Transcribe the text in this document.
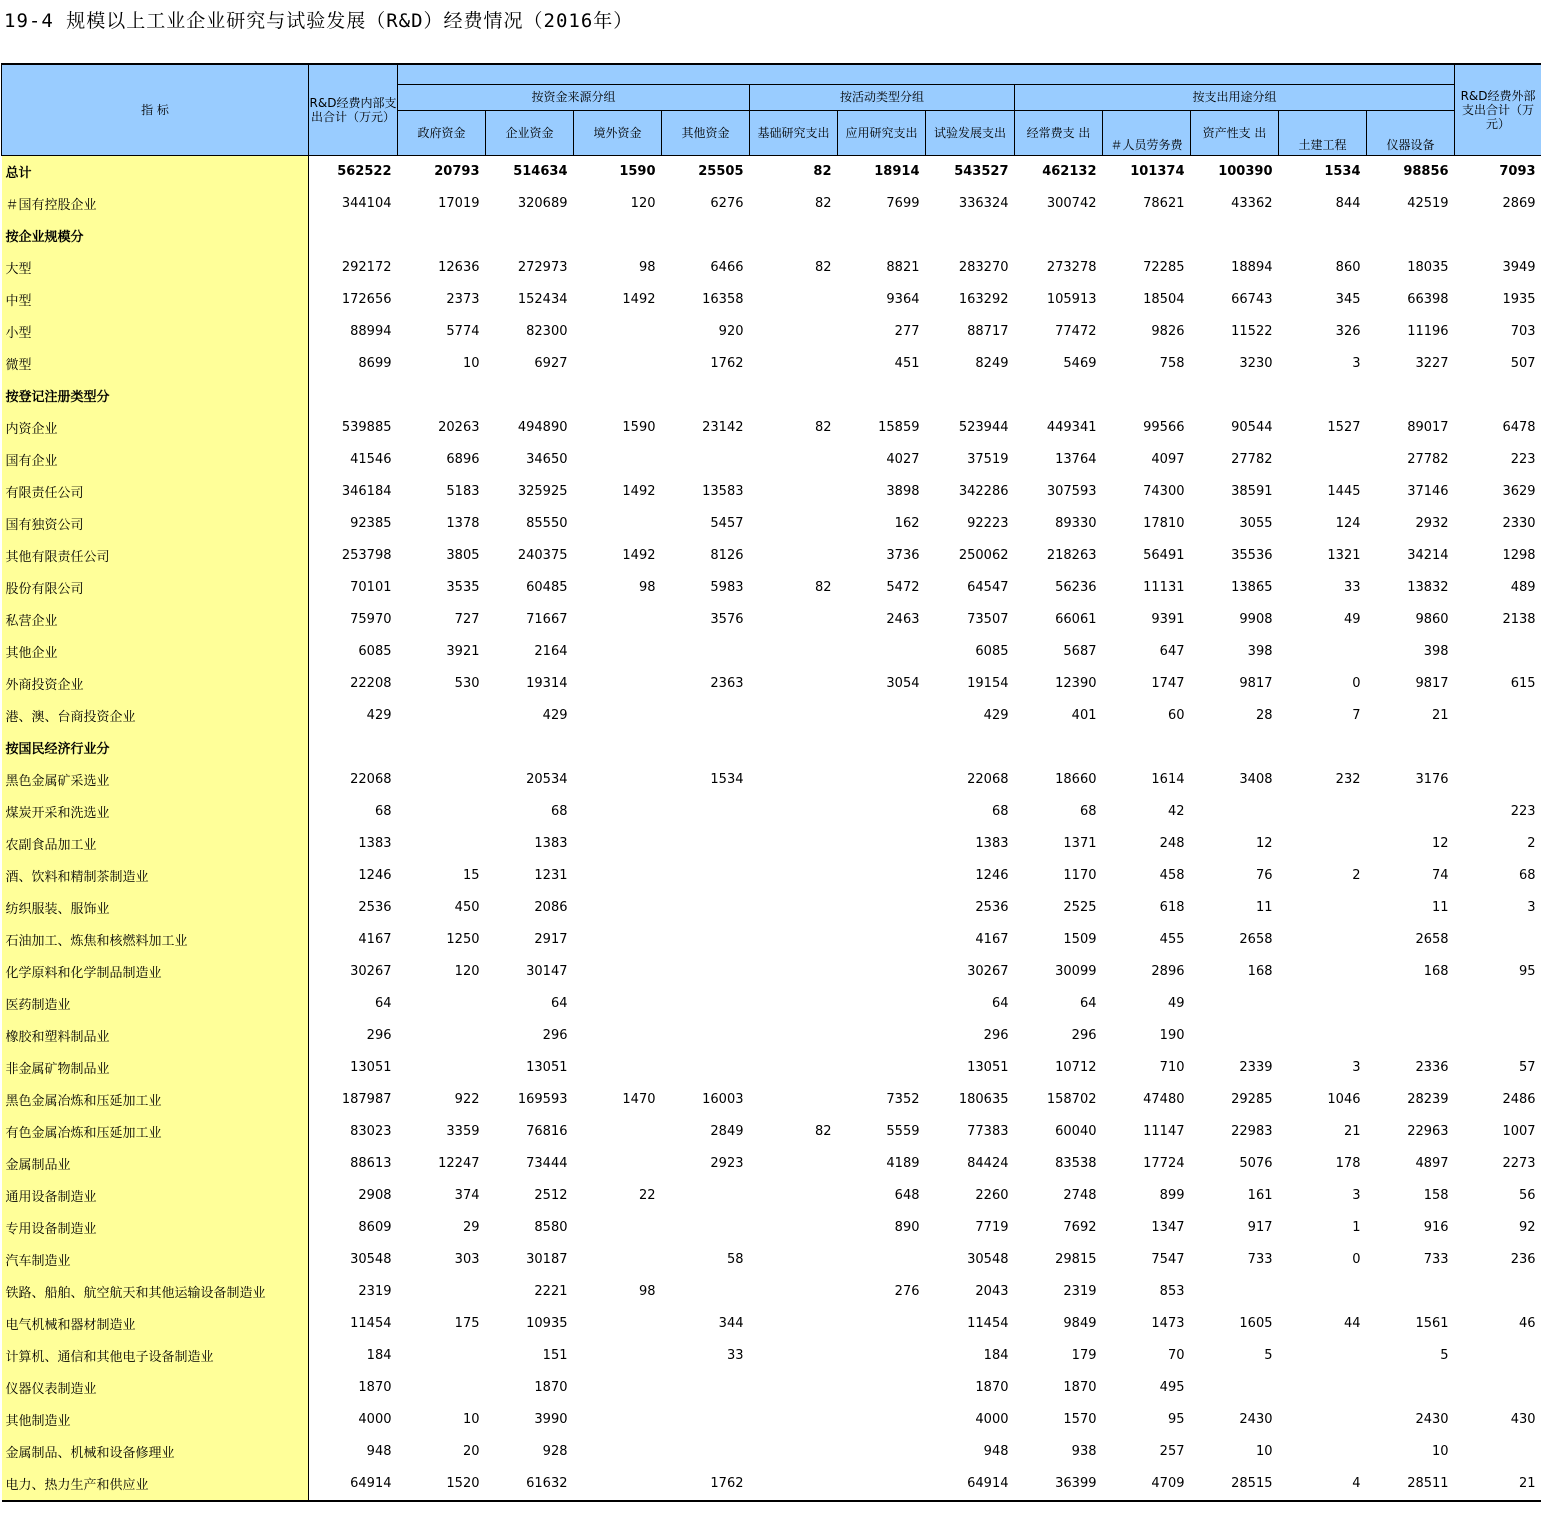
19-4 规模以上工业企业研究与试验发展（R&D）经费情况（2016年）
指 标	R&D经费内部支出合计（万元）													R&D经费外部支出合计（万元）
		按资金来源分组				按活动类型分组			按支出用途分组					
		政府资金	企业资金	境外资金	其他资金	基础研究支出	应用研究支出	试验发展支出	经常费支 出	＃人员劳务费	资产性支 出	土建工程	仪器设备	
总计	562522	20793	514634	1590	25505	82	18914	543527	462132	101374	100390	1534	98856	7093
＃国有控股企业	344104	17019	320689	120	6276	82	7699	336324	300742	78621	43362	844	42519	2869
按企业规模分														
大型	292172	12636	272973	98	6466	82	8821	283270	273278	72285	18894	860	18035	3949
中型	172656	2373	152434	1492	16358		9364	163292	105913	18504	66743	345	66398	1935
小型	88994	5774	82300		920		277	88717	77472	9826	11522	326	11196	703
微型	8699	10	6927		1762		451	8249	5469	758	3230	3	3227	507
按登记注册类型分														
内资企业	539885	20263	494890	1590	23142	82	15859	523944	449341	99566	90544	1527	89017	6478
国有企业	41546	6896	34650				4027	37519	13764	4097	27782		27782	223
有限责任公司	346184	5183	325925	1492	13583		3898	342286	307593	74300	38591	1445	37146	3629
国有独资公司	92385	1378	85550		5457		162	92223	89330	17810	3055	124	2932	2330
其他有限责任公司	253798	3805	240375	1492	8126		3736	250062	218263	56491	35536	1321	34214	1298
股份有限公司	70101	3535	60485	98	5983	82	5472	64547	56236	11131	13865	33	13832	489
私营企业	75970	727	71667		3576		2463	73507	66061	9391	9908	49	9860	2138
其他企业	6085	3921	2164					6085	5687	647	398		398	
外商投资企业	22208	530	19314		2363		3054	19154	12390	1747	9817	0	9817	615
港、澳、台商投资企业	429		429					429	401	60	28	7	21	
按国民经济行业分														
黑色金属矿采选业	22068		20534		1534			22068	18660	1614	3408	232	3176	
煤炭开采和洗选业	68		68					68	68	42				223
农副食品加工业	1383		1383					1383	1371	248	12		12	2
酒、饮料和精制茶制造业	1246	15	1231					1246	1170	458	76	2	74	68
纺织服装、服饰业	2536	450	2086					2536	2525	618	11		11	3
石油加工、炼焦和核燃料加工业	4167	1250	2917					4167	1509	455	2658		2658	
化学原料和化学制品制造业	30267	120	30147					30267	30099	2896	168		168	95
医药制造业	64		64					64	64	49				
橡胶和塑料制品业	296		296					296	296	190				
非金属矿物制品业	13051		13051					13051	10712	710	2339	3	2336	57
黑色金属冶炼和压延加工业	187987	922	169593	1470	16003		7352	180635	158702	47480	29285	1046	28239	2486
有色金属冶炼和压延加工业	83023	3359	76816		2849	82	5559	77383	60040	11147	22983	21	22963	1007
金属制品业	88613	12247	73444		2923		4189	84424	83538	17724	5076	178	4897	2273
通用设备制造业	2908	374	2512	22			648	2260	2748	899	161	3	158	56
专用设备制造业	8609	29	8580				890	7719	7692	1347	917	1	916	92
汽车制造业	30548	303	30187		58			30548	29815	7547	733	0	733	236
铁路、船舶、航空航天和其他运输设备制造业	2319		2221	98			276	2043	2319	853				
电气机械和器材制造业	11454	175	10935		344			11454	9849	1473	1605	44	1561	46
计算机、通信和其他电子设备制造业	184		151		33			184	179	70	5		5	
仪器仪表制造业	1870		1870					1870	1870	495				
其他制造业	4000	10	3990					4000	1570	95	2430		2430	430
金属制品、机械和设备修理业	948	20	928					948	938	257	10		10	
电力、热力生产和供应业	64914	1520	61632		1762			64914	36399	4709	28515	4	28511	21
